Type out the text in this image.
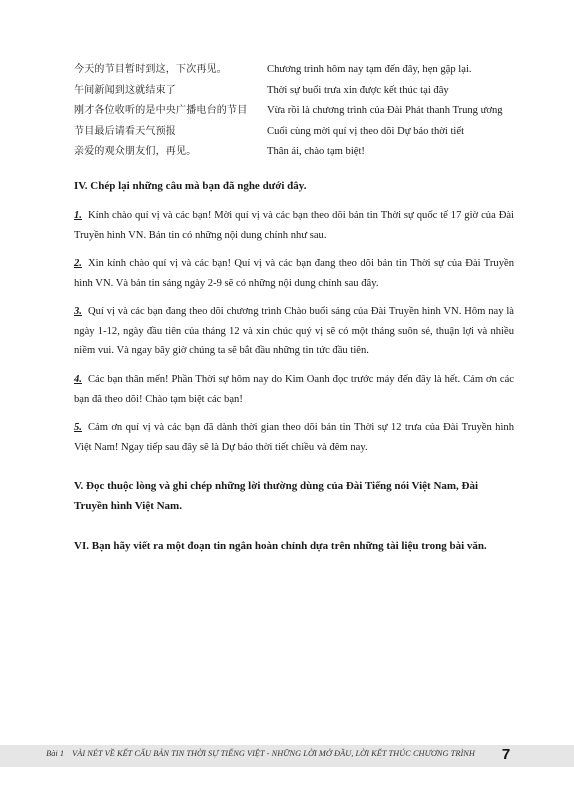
今天的节目暂时到这，下次再见。	Chương trình hôm nay tạm đến đây, hẹn gặp lại.
午间新闻到这就结束了	Thời sự buổi trưa xin được kết thúc tại đây
刚才各位收听的是中央广播电台的节目 Vừa rồi là chương trình của Đài Phát thanh Trung ương
节目最后请看天气预报	Cuối cùng mời quí vị theo dõi Dự báo thời tiết
亲爱的观众朋友们，再见。	Thân ái, chào tạm biệt!
IV. Chép lại những câu mà bạn đã nghe dưới đây.
1. Kính chào quí vị và các bạn! Mời quí vị và các bạn theo dõi bản tin Thời sự quốc tế 17 giờ của Đài Truyền hình VN. Bản tin có những nội dung chính như sau.
2. Xin kính chào quí vị và các bạn! Quí vị và các bạn đang theo dõi bản tin Thời sự của Đài Truyền hình VN. Và bản tin sáng ngày 2-9 sẽ có những nội dung chính sau đây.
3. Quí vị và các bạn đang theo dõi chương trình Chào buổi sáng của Đài Truyền hình VN. Hôm nay là ngày 1-12, ngày đầu tiên của tháng 12 và xin chúc quý vị sẽ có một tháng suôn sẻ, thuận lợi và nhiều niềm vui. Và ngay bây giờ chúng ta sẽ bắt đầu những tin tức đầu tiên.
4. Các bạn thân mến! Phần Thời sự hôm nay do Kim Oanh đọc trước máy đến đây là hết. Cảm ơn các bạn đã theo dõi! Chào tạm biệt các bạn!
5. Cảm ơn quí vị và các bạn đã dành thời gian theo dõi bản tin Thời sự 12 trưa của Đài Truyền hình Việt Nam! Ngay tiếp sau đây sẽ là Dự báo thời tiết chiều và đêm nay.
V. Đọc thuộc lòng và ghi chép những lời thường dùng của Đài Tiếng nói Việt Nam, Đài Truyền hình Việt Nam.
VI. Bạn hãy viết ra một đoạn tin ngắn hoàn chỉnh dựa trên những tài liệu trong bài văn.
Bài 1 VÀI NÉT VỀ KẾT CẤU BẢN TIN THỜI SỰ TIẾNG VIỆT - NHỮNG LỜI MỞ ĐẦU, LỜI KẾT THÚC CHƯƠNG TRÌNH	7
